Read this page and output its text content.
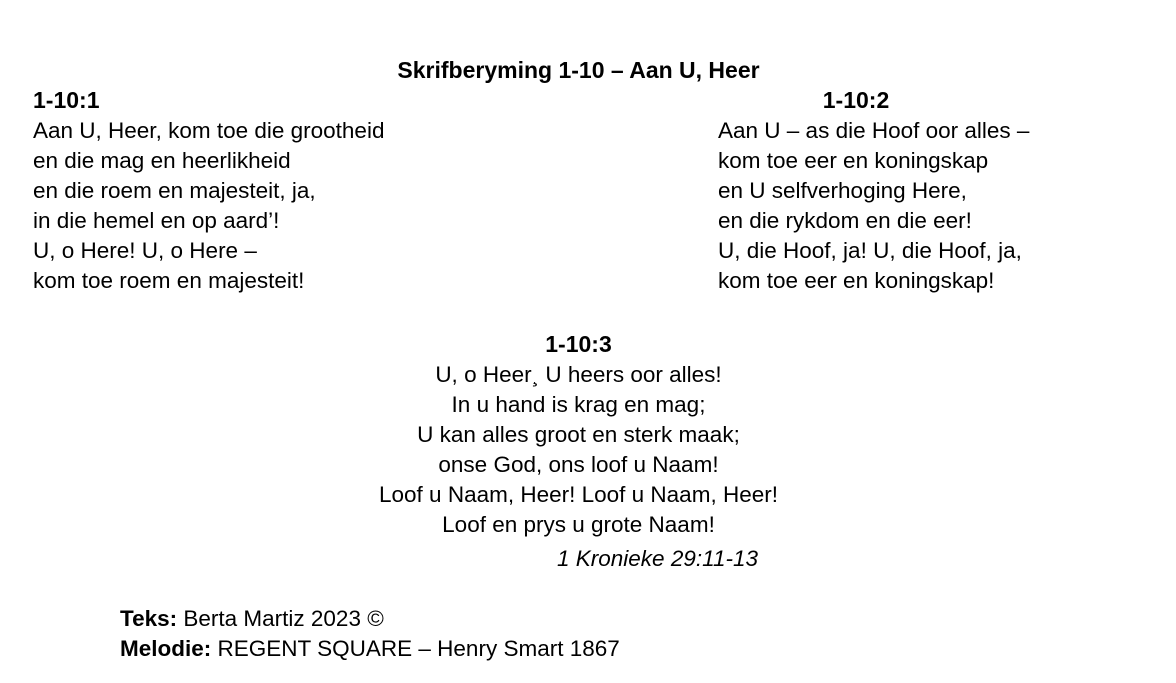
Skrifberyming 1-10 – Aan U, Heer
1-10:1
Aan U, Heer, kom toe die grootheid
en die mag en heerlikheid
en die roem en majesteit, ja,
in die hemel en op aard’!
U, o Here! U, o Here –
kom toe roem en majesteit!
1-10:2
Aan U – as die Hoof oor alles –
kom toe eer en koningskap
en U selfverhoging Here,
en die rykdom en die eer!
U, die Hoof, ja! U, die Hoof, ja,
kom toe eer en koningskap!
1-10:3
U, o Heer¸ U heers oor alles!
In u hand is krag en mag;
U kan alles groot en sterk maak;
onse God, ons loof u Naam!
Loof u Naam, Heer! Loof u Naam, Heer!
Loof en prys u grote Naam!
1 Kronieke 29:11-13
Teks: Berta Martiz 2023 ©
Melodie: REGENT SQUARE – Henry Smart 1867
